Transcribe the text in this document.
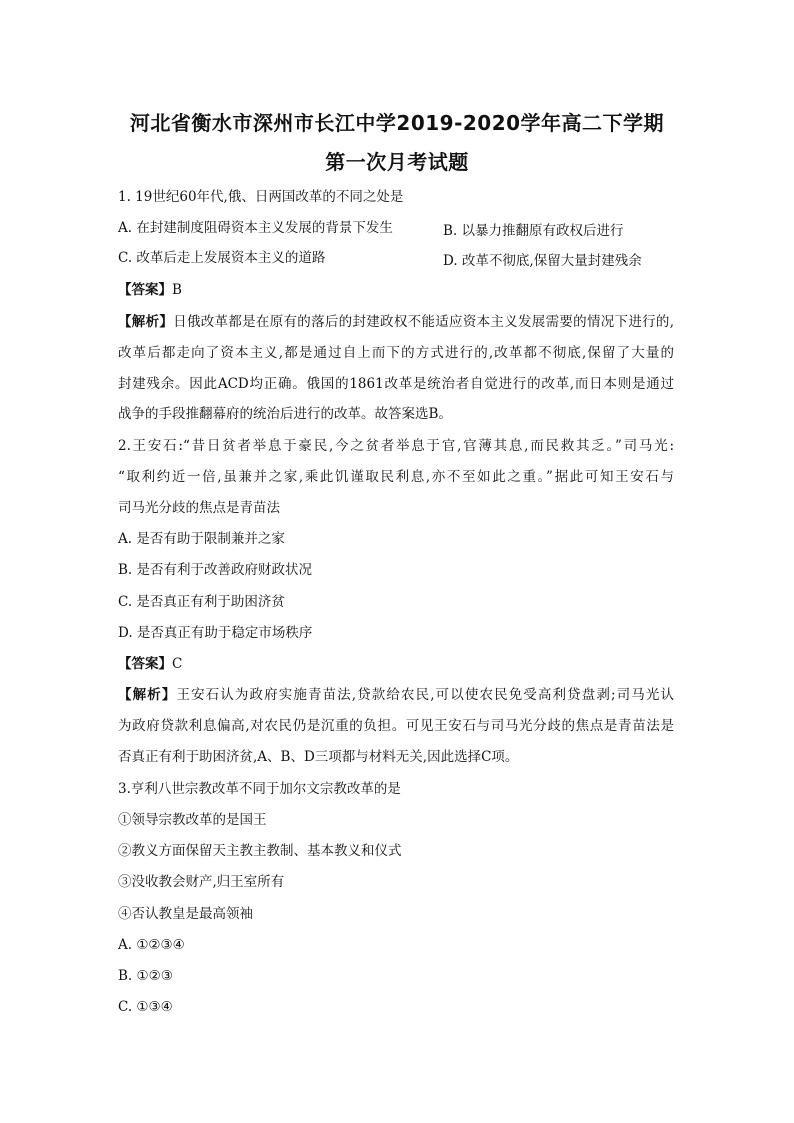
河北省衡水市深州市长江中学2019-2020学年高二下学期
第一次月考试题
1. 19世纪60年代,俄、日两国改革的不同之处是
A. 在封建制度阻碍资本主义发展的背景下发生	B. 以暴力推翻原有政权后进行
C. 改革后走上发展资本主义的道路	D. 改革不彻底,保留大量封建残余
【答案】B
【解析】日俄改革都是在原有的落后的封建政权不能适应资本主义发展需要的情况下进行的,
改革后都走向了资本主义,都是通过自上而下的方式进行的,改革都不彻底,保留了大量的
封建残余。因此ACD均正确。俄国的1861改革是统治者自觉进行的改革,而日本则是通过
战争的手段推翻幕府的统治后进行的改革。故答案选B。
2.王安石:“昔日贫者举息于豪民,今之贫者举息于官,官薄其息,而民救其乏。”司马光:
“取利约近一倍,虽兼并之家,乘此饥谨取民利息,亦不至如此之重。”据此可知王安石与
司马光分歧的焦点是青苗法
A. 是否有助于限制兼并之家
B. 是否有利于改善政府财政状况
C. 是否真正有利于助困济贫
D. 是否真正有助于稳定市场秩序
【答案】C
【解析】王安石认为政府实施青苗法,贷款给农民,可以使农民免受高利贷盘剥;司马光认
为政府贷款利息偏高,对农民仍是沉重的负担。可见王安石与司马光分歧的焦点是青苗法是
否真正有利于助困济贫,A、B、D三项都与材料无关,因此选择C项。
3.亨利八世宗教改革不同于加尔文宗教改革的是
①领导宗教改革的是国王
②教义方面保留天主教主教制、基本教义和仪式
③没收教会财产,归王室所有
④否认教皇是最高领袖
A. ①②③④
B. ①②③
C. ①③④
